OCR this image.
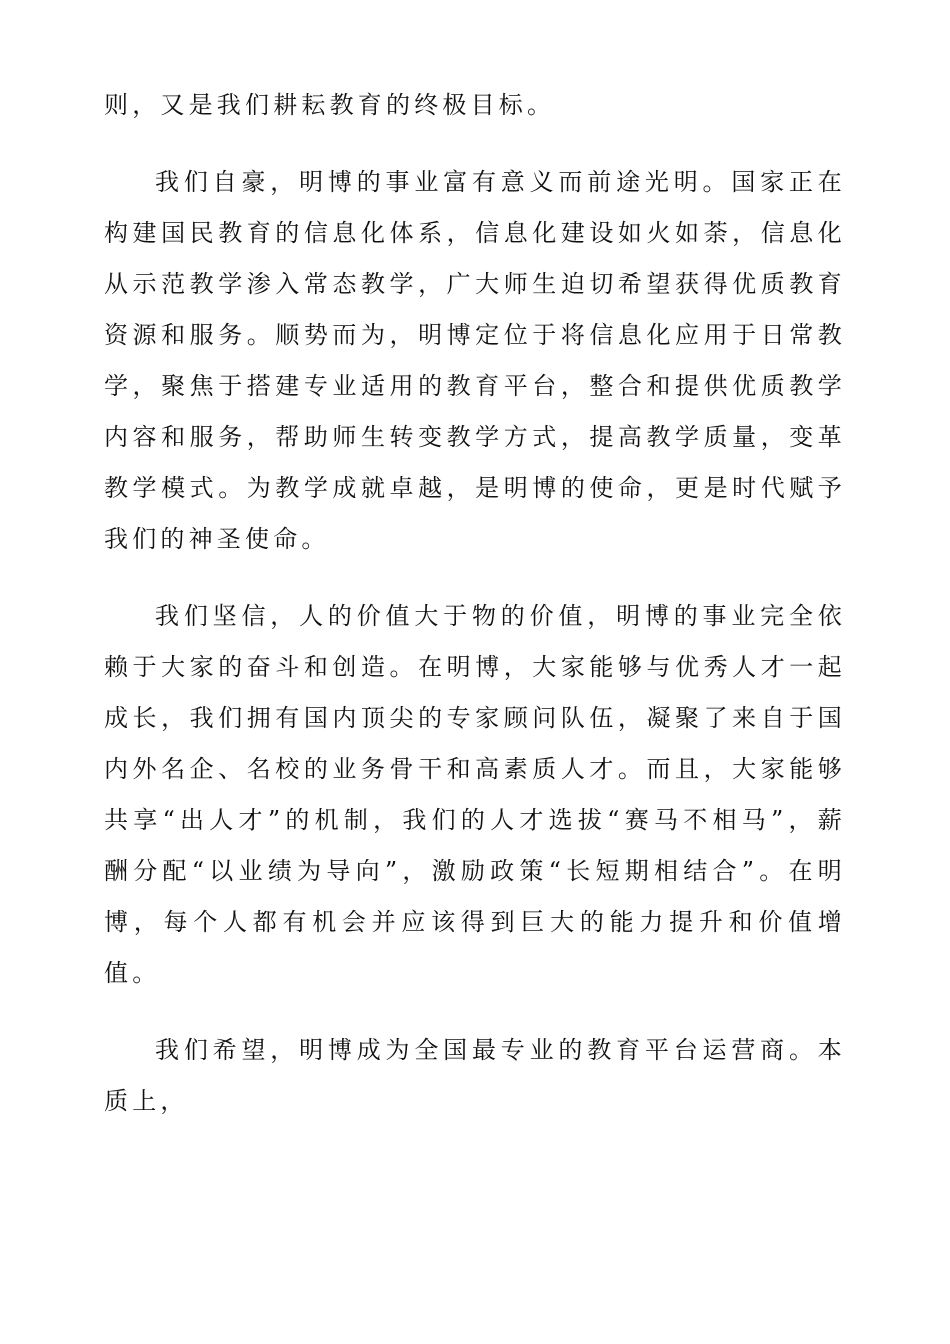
则，又是我们耕耘教育的终极目标。

我们自豪，明博的事业富有意义而前途光明。国家正在构建国民教育的信息化体系，信息化建设如火如荼，信息化从示范教学渗入常态教学，广大师生迫切希望获得优质教育资源和服务。顺势而为，明博定位于将信息化应用于日常教学，聚焦于搭建专业适用的教育平台，整合和提供优质教学内容和服务，帮助师生转变教学方式，提高教学质量，变革教学模式。为教学成就卓越，是明博的使命，更是时代赋予我们的神圣使命。

我们坚信，人的价值大于物的价值，明博的事业完全依赖于大家的奋斗和创造。在明博，大家能够与优秀人才一起成长，我们拥有国内顶尖的专家顾问队伍，凝聚了来自于国内外名企、名校的业务骨干和高素质人才。而且，大家能够共享“出人才”的机制，我们的人才选拔“赛马不相马”，薪酬分配“以业绩为导向”，激励政策“长短期相结合”。在明博，每个人都有机会并应该得到巨大的能力提升和价值增值。

我们希望，明博成为全国最专业的教育平台运营商。本质上，
